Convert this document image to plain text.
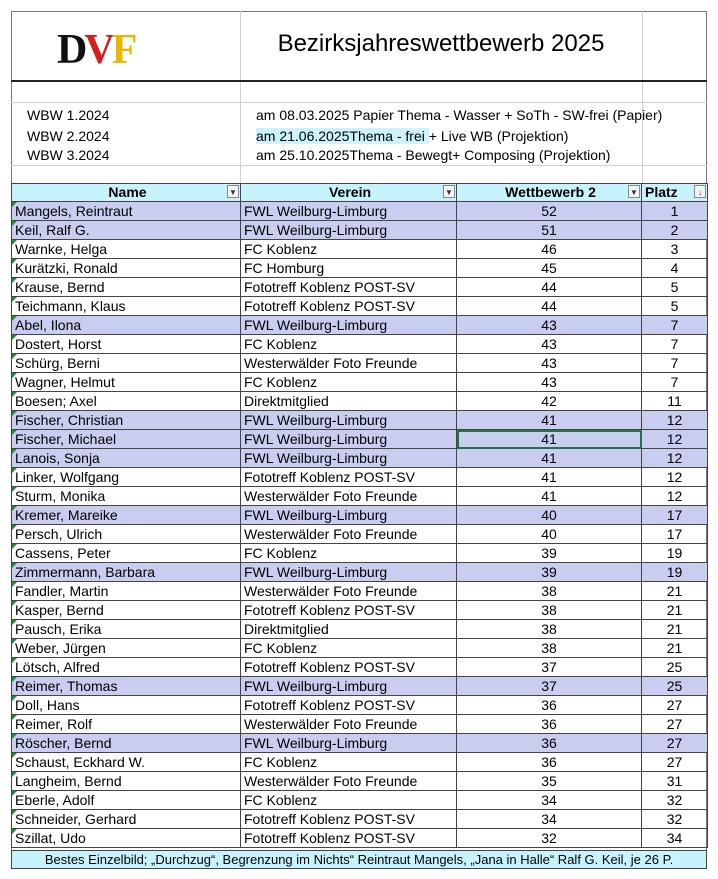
DVF	Bezirksjahreswettbewerb 2025
WBW 1.2024	am 08.03.2025 Papier Thema - Wasser + SoTh - SW-frei (Papier)
WBW 2.2024	am 21.06.2025Thema - frei + Live WB (Projektion)
WBW 3.2024	am 25.10.2025Thema - Bewegt+ Composing (Projektion)
Name ▼	Verein ▼	Wettbewerb 2 ▼	Platz ↓

Mangels, Reintraut	FWL Weilburg-Limburg	52	1

Keil, Ralf G.	FWL Weilburg-Limburg	51	2

Warnke, Helga	FC Koblenz	46	3

Kurätzki, Ronald	FC Homburg	45	4

Krause, Bernd	Fototreff Koblenz POST-SV	44	5

Teichmann, Klaus	Fototreff Koblenz POST-SV	44	5

Abel, Ilona	FWL Weilburg-Limburg	43	7

Dostert, Horst	FC Koblenz	43	7

Schürg, Berni	Westerwälder Foto Freunde	43	7

Wagner, Helmut	FC Koblenz	43	7

Boesen; Axel	Direktmitglied	42	11

Fischer, Christian	FWL Weilburg-Limburg	41	12

Fischer, Michael	FWL Weilburg-Limburg	41	12

Lanois, Sonja	FWL Weilburg-Limburg	41	12

Linker, Wolfgang	Fototreff Koblenz POST-SV	41	12

Sturm, Monika	Westerwälder Foto Freunde	41	12

Kremer, Mareike	FWL Weilburg-Limburg	40	17

Persch, Ulrich	Westerwälder Foto Freunde	40	17

Cassens, Peter	FC Koblenz	39	19

Zimmermann, Barbara	FWL Weilburg-Limburg	39	19

Fandler, Martin	Westerwälder Foto Freunde	38	21

Kasper, Bernd	Fototreff Koblenz POST-SV	38	21

Pausch, Erika	Direktmitglied	38	21

Weber, Jürgen	FC Koblenz	38	21

Lötsch, Alfred	Fototreff Koblenz POST-SV	37	25

Reimer, Thomas	FWL Weilburg-Limburg	37	25

Doll, Hans	Fototreff Koblenz POST-SV	36	27

Reimer, Rolf	Westerwälder Foto Freunde	36	27

Röscher, Bernd	FWL Weilburg-Limburg	36	27

Schaust, Eckhard W.	FC Koblenz	36	27

Langheim, Bernd	Westerwälder Foto Freunde	35	31

Eberle, Adolf	FC Koblenz	34	32

Schneider, Gerhard	Fototreff Koblenz POST-SV	34	32

Szillat, Udo	Fototreff Koblenz POST-SV	32	34
Bestes Einzelbild; „Durchzug“, Begrenzung im Nichts“ Reintraut Mangels, „Jana in Halle“ Ralf G. Keil, je 26 P.
